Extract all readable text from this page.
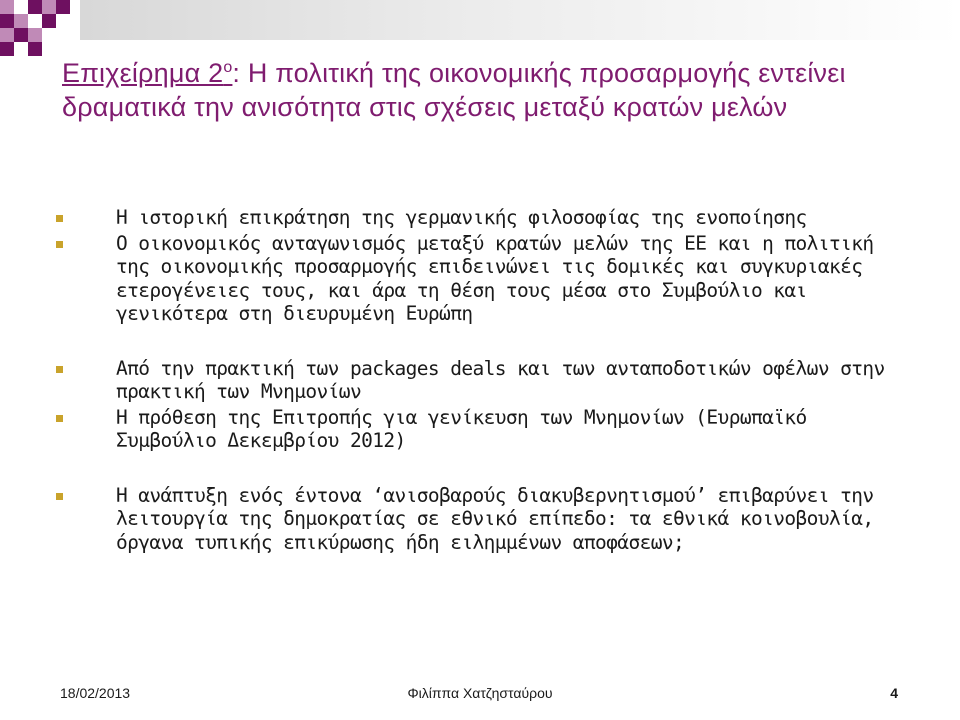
Επιχείρημα $2^o$: Η πολιτική της οικονομικής προσαρμογής εντείνει δραματικά την ανισότητα στις σχέσεις μεταξύ κρατών μελών
Η ιστορική επικράτηση της γερμανικής φιλοσοφίας της ενοποίησης
Ο οικονομικός ανταγωνισμός μεταξύ κρατών μελών της ΕΕ και η πολιτική της οικονομικής προσαρμογής επιδεινώνει τις δομικές και συγκυριακές ετερογένειες τους, και άρα τη θέση τους μέσα στο Συμβούλιο και γενικότερα στη διευρυμένη Ευρώπη
Από την πρακτική των packages deals και των ανταποδοτικών οφέλων στην πρακτική των Μνημονίων
Η πρόθεση της Επιτροπής για γενίκευση των Μνημονίων (Ευρωπαϊκό Συμβούλιο Δεκεμβρίου 2012)
Η ανάπτυξη ενός έντονα ‘ανισοβαρούς διακυβερνητισμού’ επιβαρύνει την λειτουργία της δημοκρατίας σε εθνικό επίπεδο: τα εθνικά κοινοβουλία, όργανα τυπικής επικύρωσης ήδη ειλημμένων αποφάσεων;
18/02/2013	Φιλίππα Χατζησταύρου	4
